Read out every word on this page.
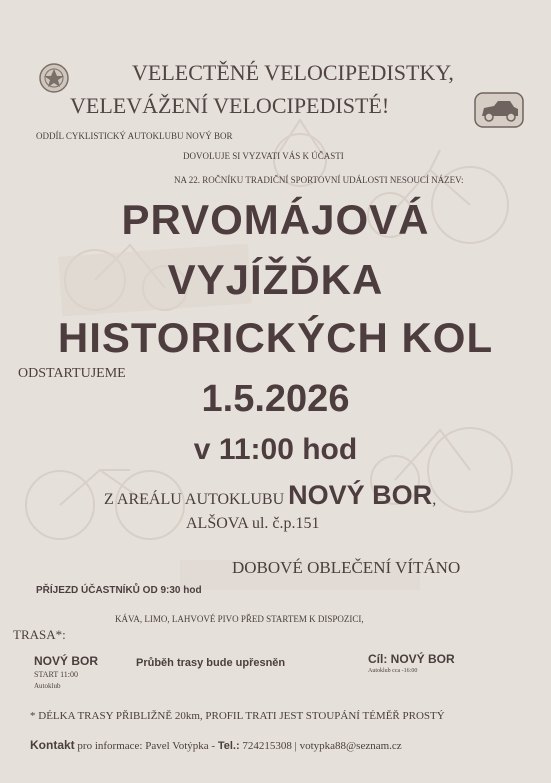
VELECTĚNÉ VELOCIPEDISTKY,
VELEVÁŽENÍ VELOCIPEDISTÉ!
ODDÍL CYKLISTICKÝ AUTOKLUBU NOVÝ BOR
DOVOLUJE SI VYZVATI VÁS K ÚČASTI
NA 22. ROČNÍKU TRADIČNÍ SPORTOVNÍ UDÁLOSTI NESOUCÍ NÁZEV:
PRVOMÁJOVÁ
VYJÍŽĎKA
HISTORICKÝCH KOL
ODSTARTUJEME
1.5.2026
v 11:00 hod
Z AREÁLU AUTOKLUBU NOVÝ BOR,
ALŠOVA ul. č.p.151
DOBOVÉ OBLEČENÍ VÍTÁNO
PŘÍJEZD ÚČASTNÍKŮ OD 9:30 hod
KÁVA, LIMO, LAHVOVÉ PIVO PŘED STARTEM K DISPOZICI,
TRASA*:
NOVÝ BOR
START 11:00
Autoklub
Průběh trasy bude upřesněn	Cíl: NOVÝ BOR
Autoklub cca -16:00
* DÉLKA TRASY PŘIBLIŽNĚ 20km, PROFIL TRATI JEST STOUPÁNÍ TÉMĚŘ PROSTÝ
Kontakt pro informace: Pavel Votýpka - Tel.: 724215308 | votypka88@seznam.cz
